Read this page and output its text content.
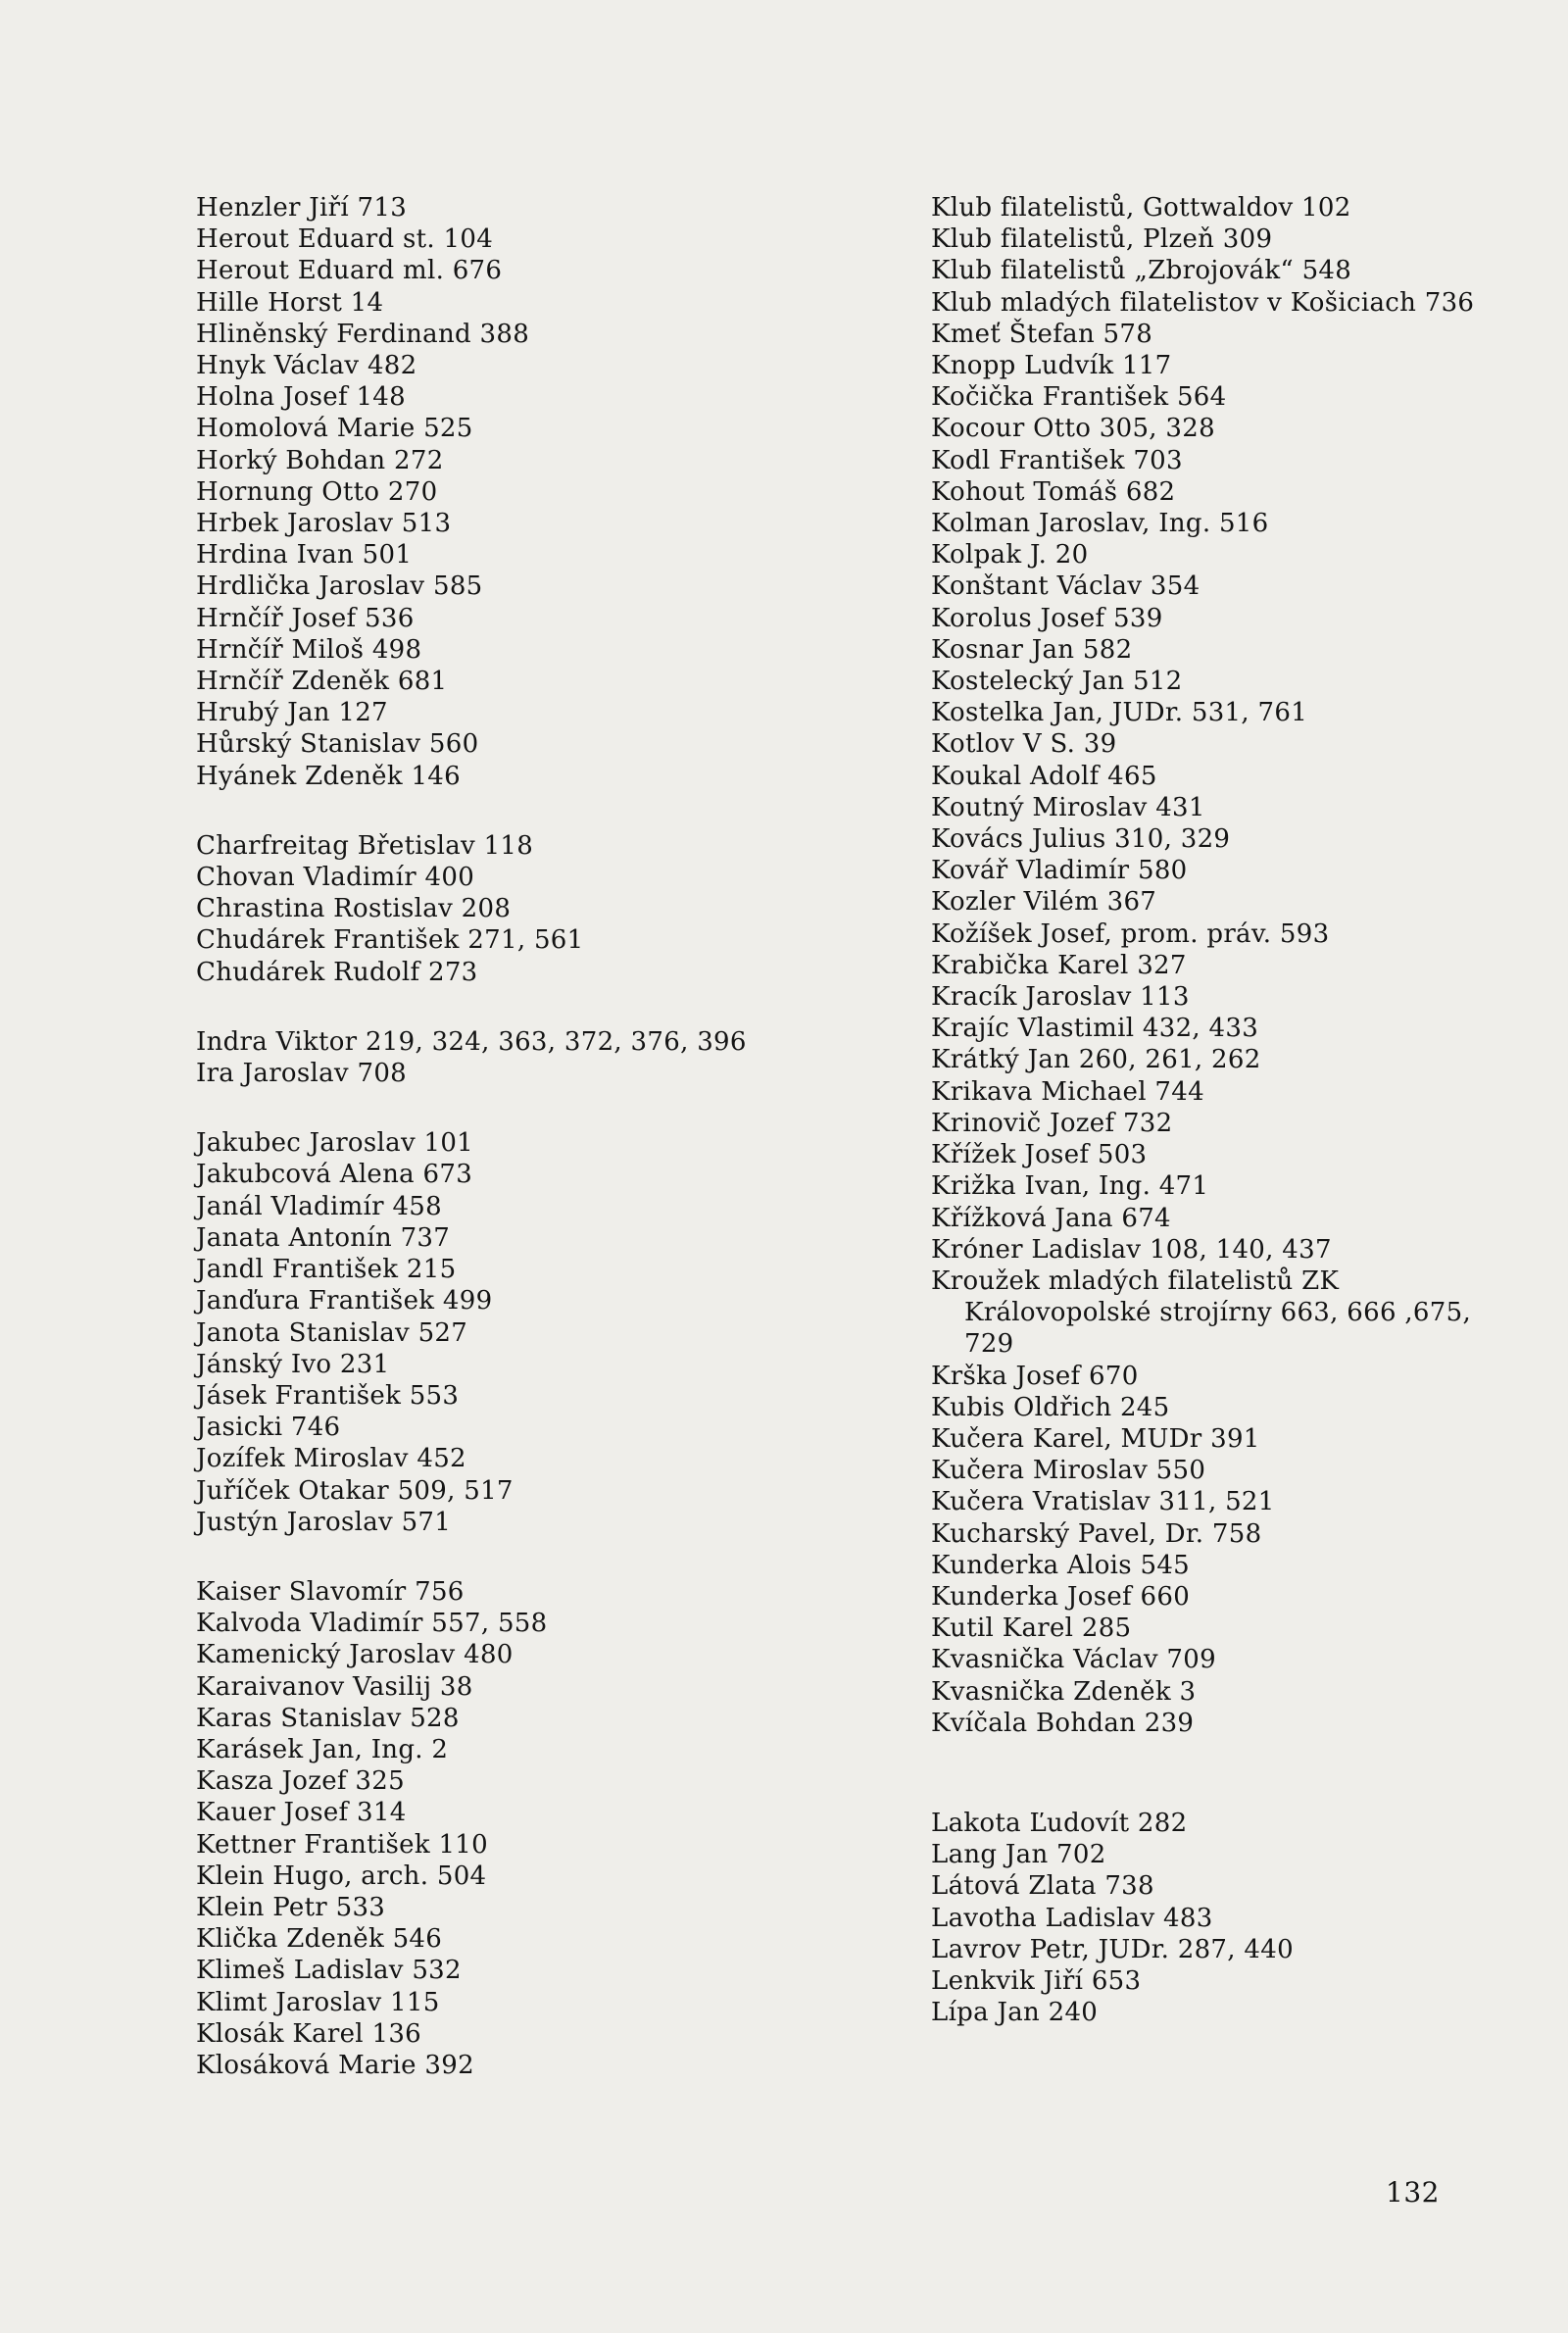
Henzler Jiří 713
Herout Eduard st. 104
Herout Eduard ml. 676
Hille Horst 14
Hliněnský Ferdinand 388
Hnyk Václav 482
Holna Josef 148
Homolová Marie 525
Horký Bohdan 272
Hornung Otto 270
Hrbek Jaroslav 513
Hrdina Ivan 501
Hrdlička Jaroslav 585
Hrnčíř Josef 536
Hrnčíř Miloš 498
Hrnčíř Zdeněk 681
Hrubý Jan 127
Hůrský Stanislav 560
Hyánek Zdeněk 146
Charfreitag Břetislav 118
Chovan Vladimír 400
Chrastina Rostislav 208
Chudárek František 271, 561
Chudárek Rudolf 273
Indra Viktor 219, 324, 363, 372, 376, 396
Ira Jaroslav 708
Jakubec Jaroslav 101
Jakubcová Alena 673
Janál Vladimír 458
Janata Antonín 737
Jandl František 215
Janďura František 499
Janota Stanislav 527
Jánský Ivo 231
Jásek František 553
Jasicki 746
Jozífek Miroslav 452
Juříček Otakar 509, 517
Justýn Jaroslav 571
Kaiser Slavomír 756
Kalvoda Vladimír 557, 558
Kamenický Jaroslav 480
Karaivanov Vasilij 38
Karas Stanislav 528
Karásek Jan, Ing. 2
Kasza Jozef 325
Kauer Josef 314
Kettner František 110
Klein Hugo, arch. 504
Klein Petr 533
Klička Zdeněk 546
Klimeš Ladislav 532
Klimt Jaroslav 115
Klosák Karel 136
Klosáková Marie 392
Klub filatelistů, Gottwaldov 102
Klub filatelistů, Plzeň 309
Klub filatelistů „Zbrojovák“ 548
Klub mladých filatelistov v Košiciach 736
Kmeť Štefan 578
Knopp Ludvík 117
Kočička František 564
Kocour Otto 305, 328
Kodl František 703
Kohout Tomáš 682
Kolman Jaroslav, Ing. 516
Kolpak J. 20
Konštant Václav 354
Korolus Josef 539
Kosnar Jan 582
Kostelecký Jan 512
Kostelka Jan, JUDr. 531, 761
Kotlov V S. 39
Koukal Adolf 465
Koutný Miroslav 431
Kovács Julius 310, 329
Kovář Vladimír 580
Kozler Vilém 367
Kožíšek Josef, prom. práv. 593
Krabička Karel 327
Kracík Jaroslav 113
Krajíc Vlastimil 432, 433
Krátký Jan 260, 261, 262
Krikava Michael 744
Krinovič Jozef 732
Křížek Josef 503
Križka Ivan, Ing. 471
Křížková Jana 674
Króner Ladislav 108, 140, 437
Kroužek mladých filatelistů ZK Královopolské strojírny 663, 666 ,675, 729
Krška Josef 670
Kubis Oldřich 245
Kučera Karel, MUDr 391
Kučera Miroslav 550
Kučera Vratislav 311, 521
Kucharský Pavel, Dr. 758
Kunderka Alois 545
Kunderka Josef 660
Kutil Karel 285
Kvasnička Václav 709
Kvasnička Zdeněk 3
Kvíčala Bohdan 239
Lakota Ľudovít 282
Lang Jan 702
Látová Zlata 738
Lavotha Ladislav 483
Lavrov Petr, JUDr. 287, 440
Lenkvik Jiří 653
Lípa Jan 240
132
